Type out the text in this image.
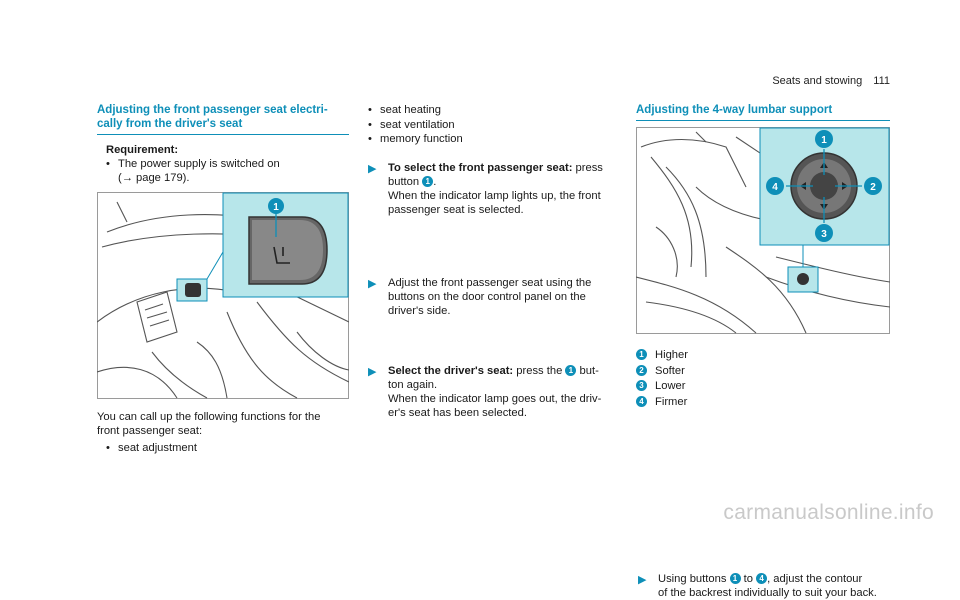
Seats and stowing 111
Adjusting the front passenger seat electri-
cally from the driver's seat
Requirement:
• The power supply is switched on
(→ page 179).
1
You can call up the following functions for the
front passenger seat:
• seat adjustment
• seat heating
• seat ventilation
• memory function
▶ To select the front passenger seat: press
button 1 .
When the indicator lamp lights up, the front
passenger seat is selected.
▶ Adjust the front passenger seat using the
buttons on the door control panel on the
driver's side.
▶ Select the driver's seat: press the 1 but-
ton again.
When the indicator lamp goes out, the driv-
er's seat has been selected.
Adjusting the 4-way lumbar support
1
2
3
4
1 Higher
2 Softer
3 Lower
4 Firmer
▶ Using buttons 1 to 4 , adjust the contour
of the backrest individually to suit your back.
carmanualsonline.info
